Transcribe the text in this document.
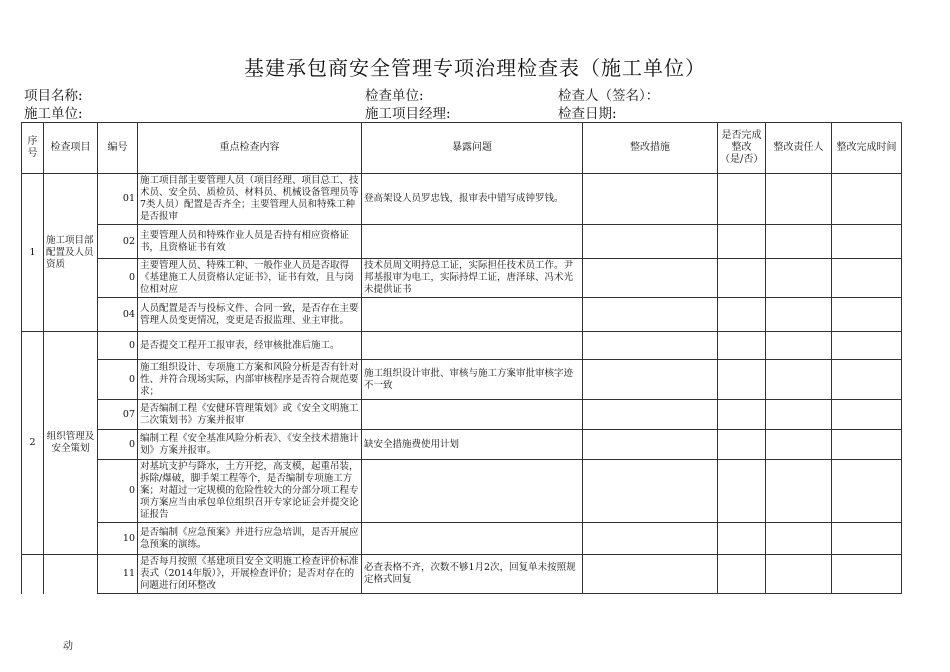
基建承包商安全管理专项治理检查表（施工单位）
项目名称:	检查单位:	检查人（签名）：
施工单位:	施工项目经理:	检查日期:
序号	检查项目	编号	重点检查内容	暴露问题	整改措施	是否完成整改（是/否）	整改责任人	整改完成时间
1	施工项目部配置及人员资质	01	施工项目部主要管理人员（项目经理、项目总工、技术员、安全员、质检员、材料员、机械设备管理员等7类人员）配置是否齐全；主要管理人员和特殊工种是否报审	登高架设人员罗忠钱，报审表中错写成钟罗钱。				
		02	主要管理人员和特殊作业人员是否持有相应资格证书，且资格证书有效					
		0	主要管理人员、特殊工种、一般作业人员是否取得《基建施工人员资格认定证书》，证书有效，且与岗位相对应	技术员周文明持总工证，实际担任技术员工作。尹邦基报审为电工，实际持焊工证，唐泽球、冯术光未提供证书				
		04	人员配置是否与投标文件、合同一致，是否存在主要管理人员变更情况，变更是否报监理、业主审批。					
2	组织管理及安全策划	0	是否提交工程开工报审表，经审核批准后施工。					
		0	施工组织设计、专项施工方案和风险分析是否有针对性、并符合现场实际，内部审核程序是否符合规范要求；	施工组织设计审批、审核与施工方案审批审核字迹不一致				
		07	是否编制工程《安健环管理策划》或《安全文明施工二次策划书》方案并报审					
		0	编制工程《安全基准风险分析表》、《安全技术措施计划》方案并报审。	缺安全措施费使用计划				
		0	对基坑支护与降水，土方开挖，高支模，起重吊装，拆除/爆破，脚手架工程等个，是否编制专项施工方案；对超过一定规模的危险性较大的分部分项工程专项方案应当由承包单位组织召开专家论证会并提交论证报告					
		10	是否编制《应急预案》并进行应急培训，是否开展应急预案的演练。					
		11	是否每月按照《基建项目安全文明施工检查评价标准表式（2014年版）》，开展检查评价；是否对存在的问题进行闭环整改	必查表格不齐，次数不够1月2次，回复单未按照规定格式回复				
动
